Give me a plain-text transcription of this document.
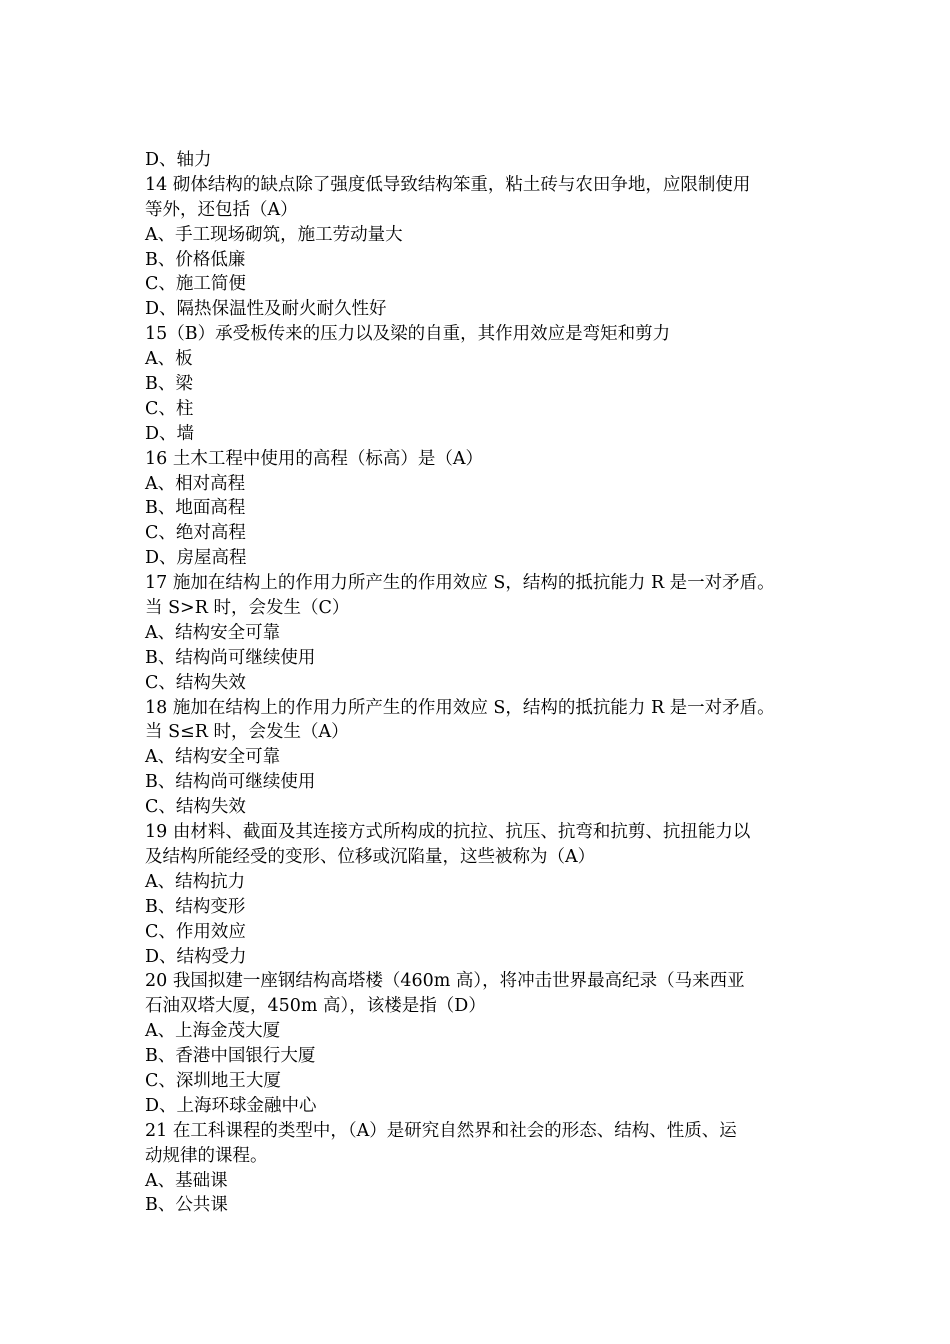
D、轴力
14 砌体结构的缺点除了强度低导致结构笨重，粘土砖与农田争地，应限制使用
等外，还包括（A）
A、手工现场砌筑，施工劳动量大
B、价格低廉
C、施工简便
D、隔热保温性及耐火耐久性好
15（B）承受板传来的压力以及梁的自重，其作用效应是弯矩和剪力
A、板
B、梁
C、柱
D、墙
16 土木工程中使用的高程（标高）是（A）
A、相对高程
B、地面高程
C、绝对高程
D、房屋高程
17 施加在结构上的作用力所产生的作用效应 S，结构的抵抗能力 R 是一对矛盾。
当 S>R 时，会发生（C）
A、结构安全可靠
B、结构尚可继续使用
C、结构失效
18 施加在结构上的作用力所产生的作用效应 S，结构的抵抗能力 R 是一对矛盾。
当 S≤R 时，会发生（A）
A、结构安全可靠
B、结构尚可继续使用
C、结构失效
19 由材料、截面及其连接方式所构成的抗拉、抗压、抗弯和抗剪、抗扭能力以
及结构所能经受的变形、位移或沉陷量，这些被称为（A）
A、结构抗力
B、结构变形
C、作用效应
D、结构受力
20 我国拟建一座钢结构高塔楼（460m 高），将冲击世界最高纪录（马来西亚
石油双塔大厦，450m 高），该楼是指（D）
A、上海金茂大厦
B、香港中国银行大厦
C、深圳地王大厦
D、上海环球金融中心
21 在工科课程的类型中，（A）是研究自然界和社会的形态、结构、性质、运
动规律的课程。
A、基础课
B、公共课
